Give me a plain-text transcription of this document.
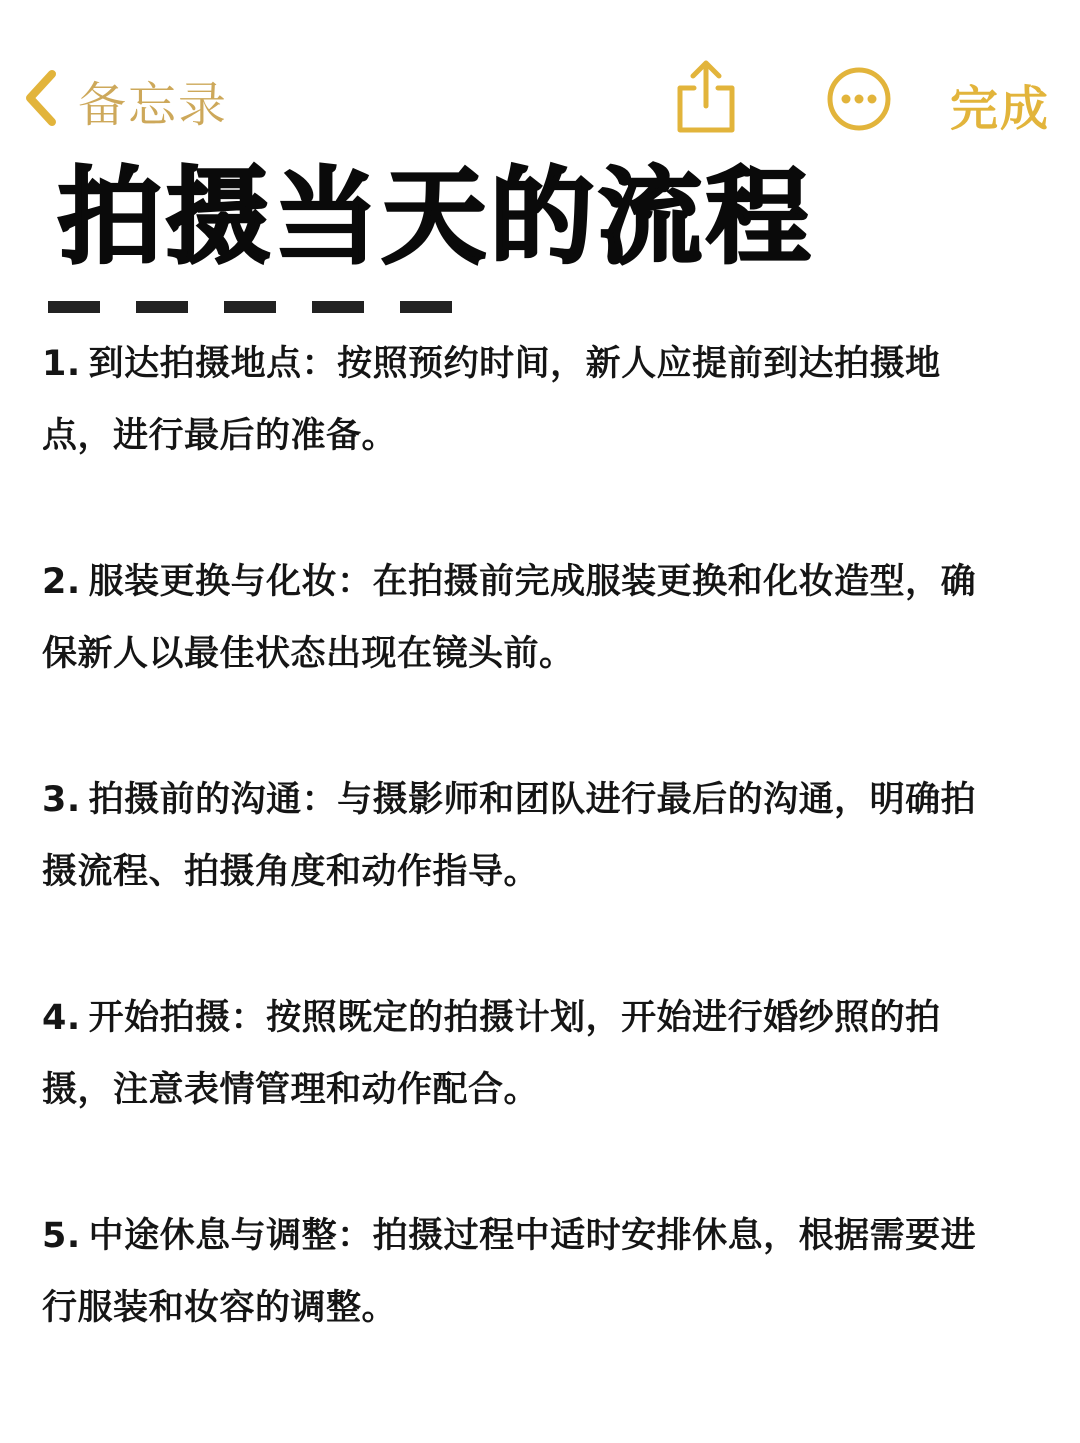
备忘录	完成
拍摄当天的流程

1. 到达拍摄地点：按照预约时间，新人应提前到达拍摄地点，进行最后的准备。

2. 服装更换与化妆：在拍摄前完成服装更换和化妆造型，确保新人以最佳状态出现在镜头前。

3. 拍摄前的沟通：与摄影师和团队进行最后的沟通，明确拍摄流程、拍摄角度和动作指导。

4. 开始拍摄：按照既定的拍摄计划，开始进行婚纱照的拍摄，注意表情管理和动作配合。

5. 中途休息与调整：拍摄过程中适时安排休息，根据需要进行服装和妆容的调整。
